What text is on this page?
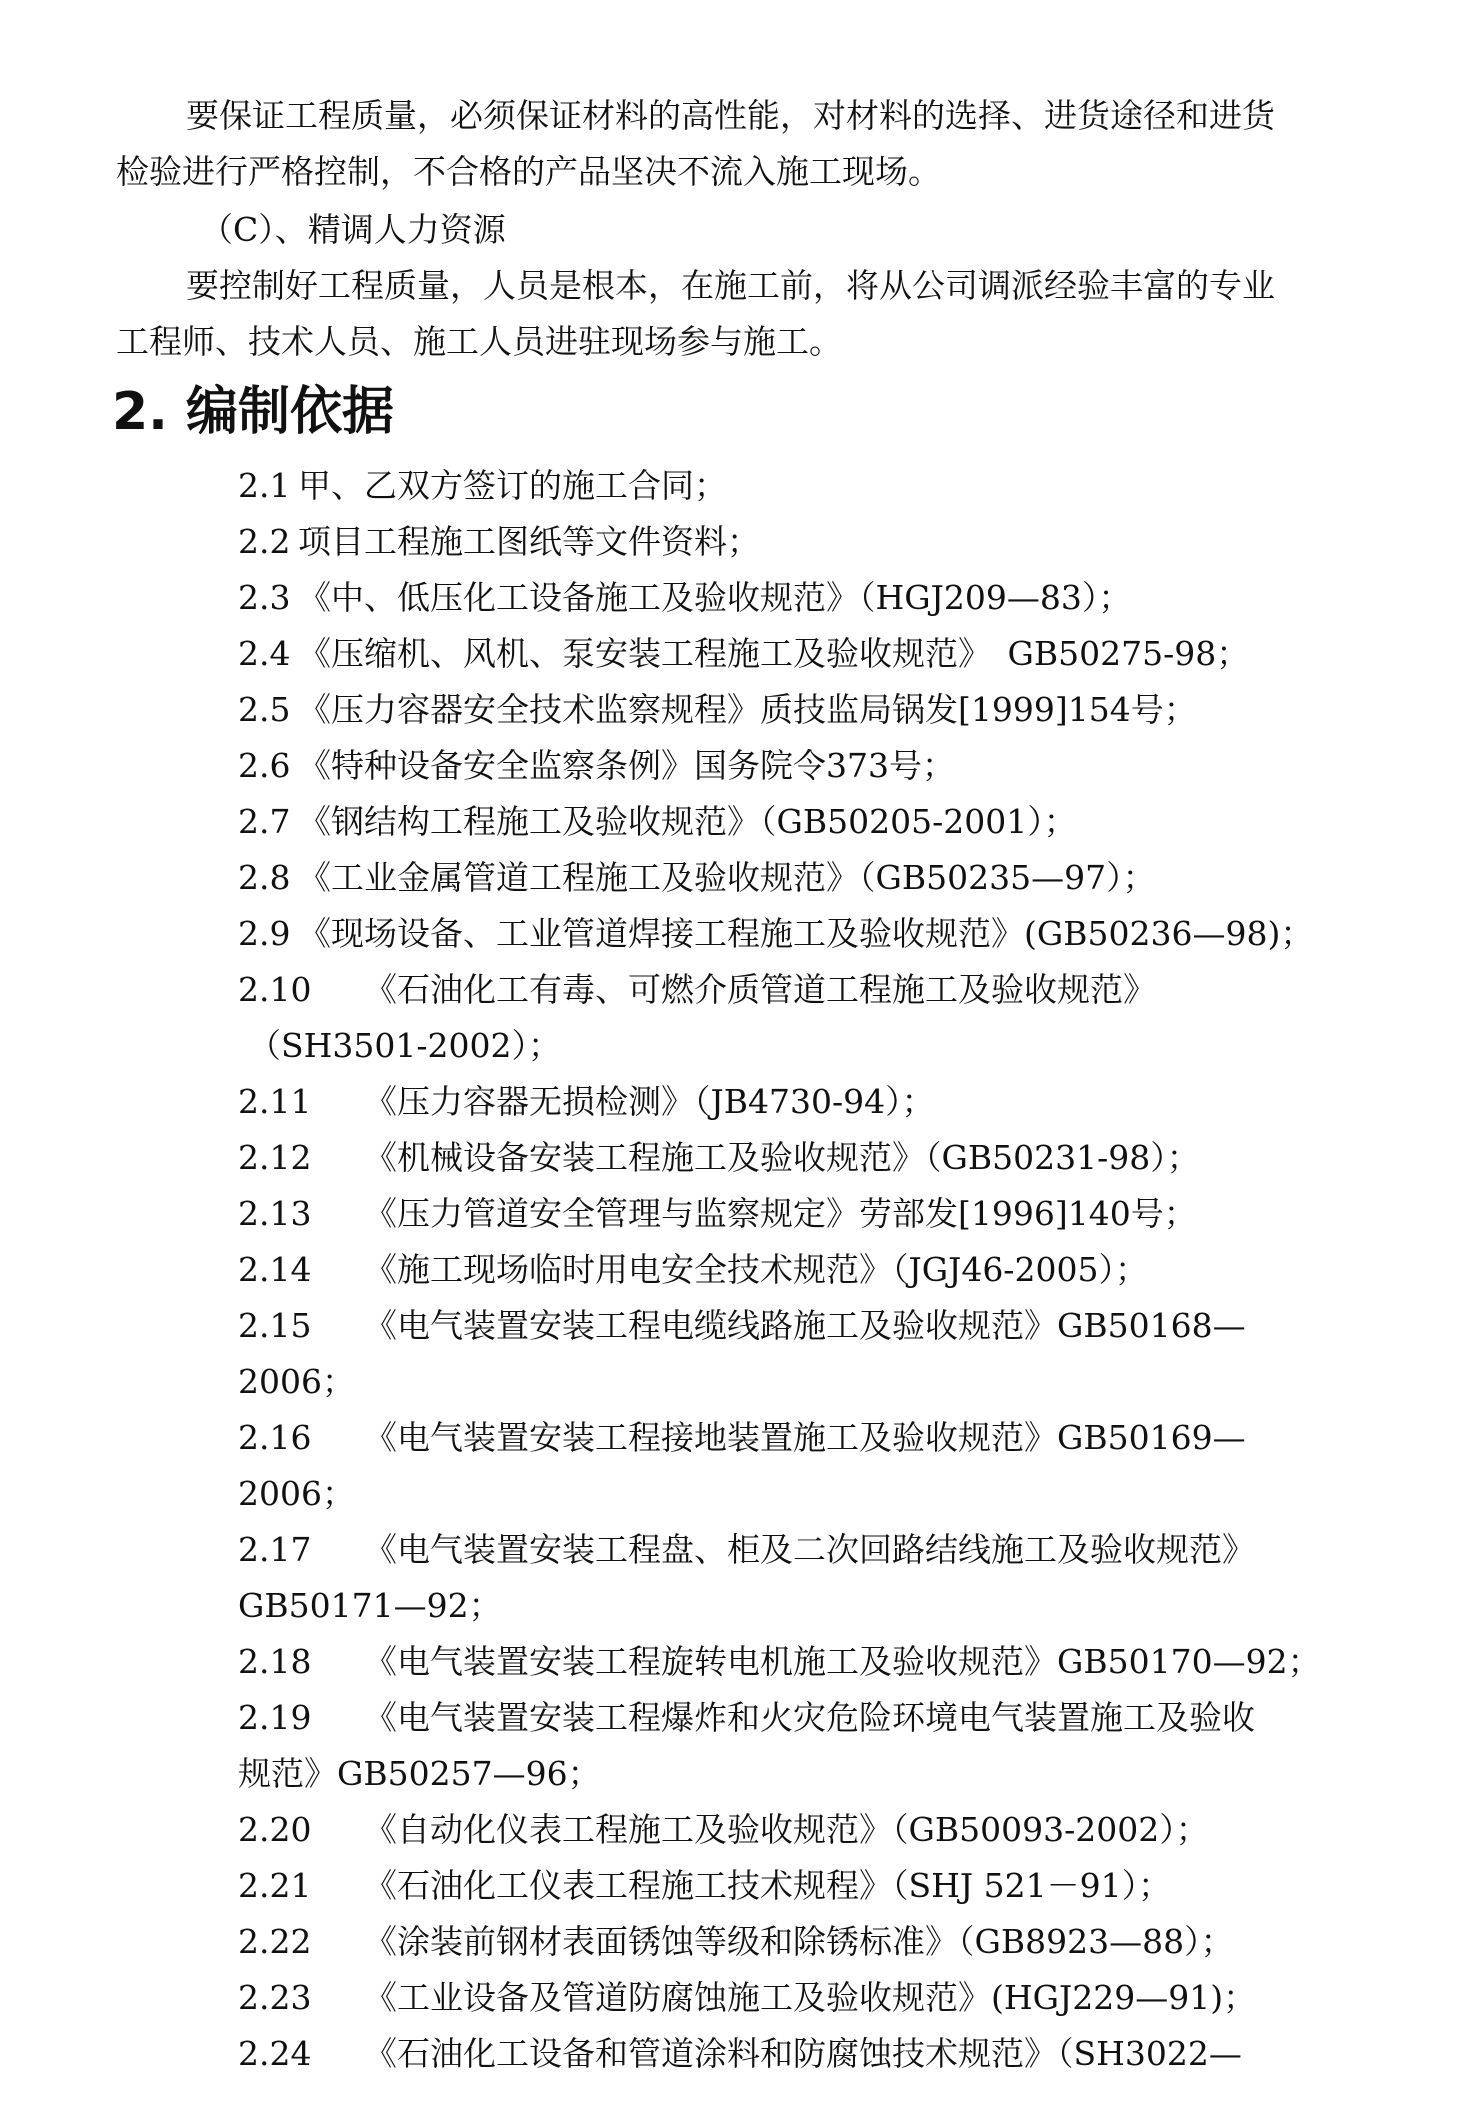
要保证工程质量，必须保证材料的高性能，对材料的选择、进货途径和进货
检验进行严格控制，不合格的产品坚决不流入施工现场。
（C）、精调人力资源
要控制好工程质量，人员是根本，在施工前，将从公司调派经验丰富的专业
工程师、技术人员、施工人员进驻现场参与施工。
2. 编制依据
2.1 甲、乙双方签订的施工合同；
2.2 项目工程施工图纸等文件资料；
2.3 《中、低压化工设备施工及验收规范》（HGJ209—83）；
2.4 《压缩机、风机、泵安装工程施工及验收规范》　GB50275-98；
2.5 《压力容器安全技术监察规程》质技监局锅发[1999]154号；
2.6 《特种设备安全监察条例》国务院令373号；
2.7 《钢结构工程施工及验收规范》（GB50205-2001）；
2.8 《工业金属管道工程施工及验收规范》（GB50235—97）；
2.9 《现场设备、工业管道焊接工程施工及验收规范》(GB50236—98)；
2.10 《石油化工有毒、可燃介质管道工程施工及验收规范》
（SH3501-2002）；
2.11 《压力容器无损检测》（JB4730-94）；
2.12 《机械设备安装工程施工及验收规范》（GB50231-98）；
2.13 《压力管道安全管理与监察规定》劳部发[1996]140号；
2.14 《施工现场临时用电安全技术规范》（JGJ46-2005）；
2.15 《电气装置安装工程电缆线路施工及验收规范》GB50168—
2006；
2.16 《电气装置安装工程接地装置施工及验收规范》GB50169—
2006；
2.17 《电气装置安装工程盘、柜及二次回路结线施工及验收规范》
GB50171—92；
2.18 《电气装置安装工程旋转电机施工及验收规范》GB50170—92；
2.19 《电气装置安装工程爆炸和火灾危险环境电气装置施工及验收
规范》GB50257—96；
2.20 《自动化仪表工程施工及验收规范》（GB50093-2002）；
2.21 《石油化工仪表工程施工技术规程》（SHJ 521－91）；
2.22 《涂装前钢材表面锈蚀等级和除锈标准》（GB8923—88）；
2.23 《工业设备及管道防腐蚀施工及验收规范》(HGJ229—91)；
2.24 《石油化工设备和管道涂料和防腐蚀技术规范》（SH3022—
